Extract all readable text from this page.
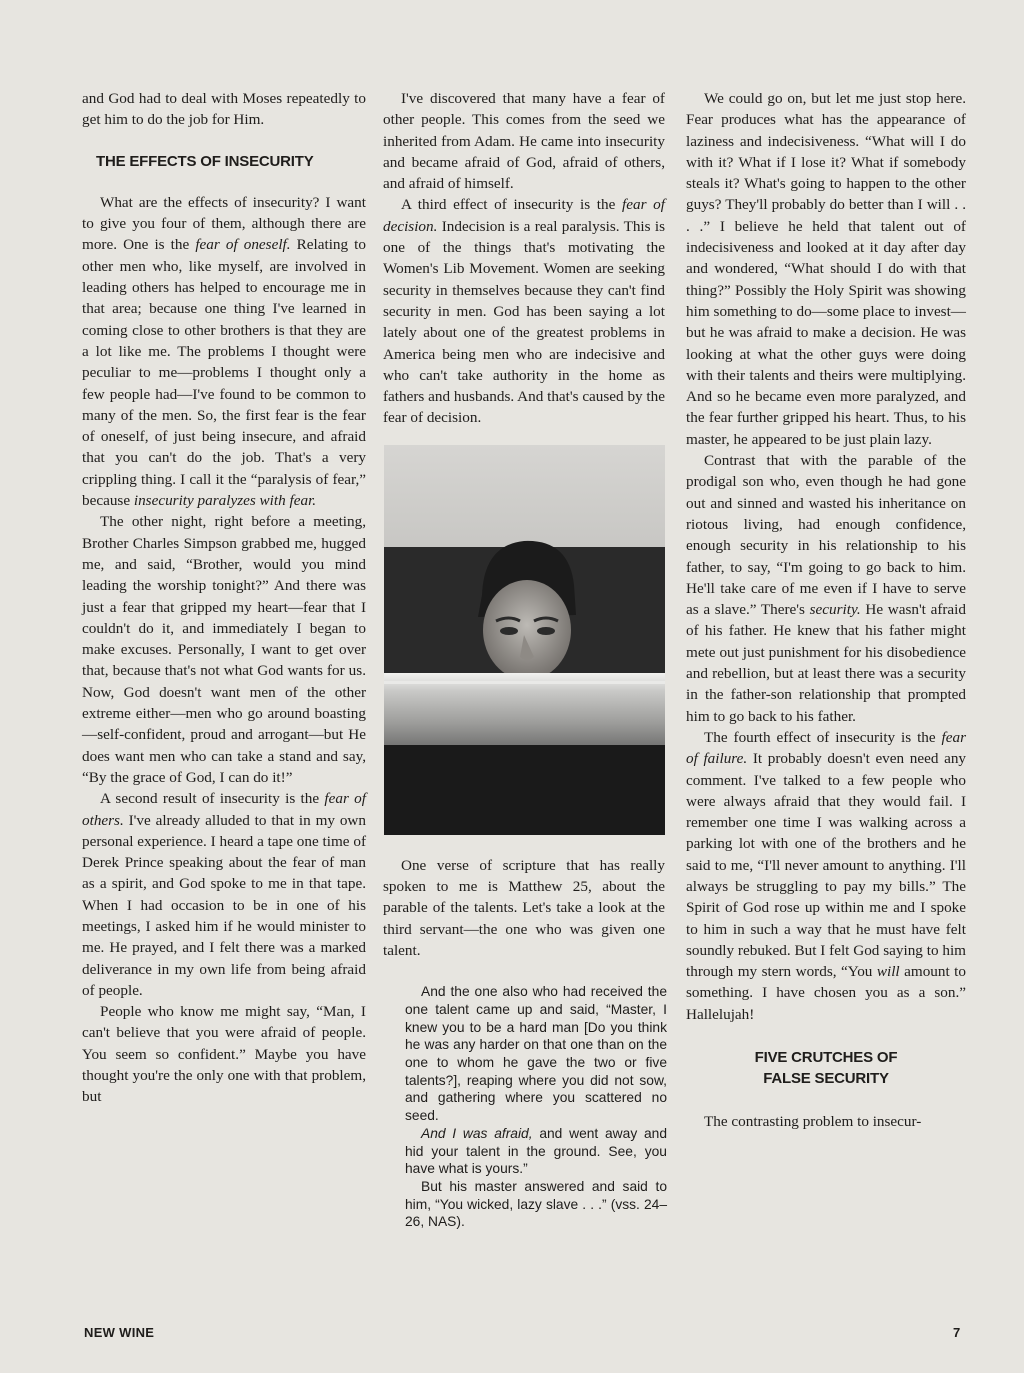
and God had to deal with Moses repeatedly to get him to do the job for Him.

THE EFFECTS OF INSECURITY

What are the effects of insecurity? I want to give you four of them, although there are more. One is the fear of oneself. Relating to other men who, like myself, are involved in leading others has helped to encourage me in that area; because one thing I've learned in coming close to other brothers is that they are a lot like me. The problems I thought were peculiar to me—problems I thought only a few people had—I've found to be common to many of the men. So, the first fear is the fear of oneself, of just being insecure, and afraid that you can't do the job. That's a very crippling thing. I call it the “paralysis of fear,” because insecurity paralyzes with fear.

The other night, right before a meeting, Brother Charles Simpson grabbed me, hugged me, and said, “Brother, would you mind leading the worship tonight?” And there was just a fear that gripped my heart—fear that I couldn't do it, and immediately I began to make excuses. Personally, I want to get over that, because that's not what God wants for us. Now, God doesn't want men of the other extreme either—men who go around boasting—self-confident, proud and arrogant—but He does want men who can take a stand and say, “By the grace of God, I can do it!”

A second result of insecurity is the fear of others. I've already alluded to that in my own personal experience. I heard a tape one time of Derek Prince speaking about the fear of man as a spirit, and God spoke to me in that tape. When I had occasion to be in one of his meetings, I asked him if he would minister to me. He prayed, and I felt there was a marked deliverance in my own life from being afraid of people.

People who know me might say, “Man, I can't believe that you were afraid of people. You seem so confident.” Maybe you have thought you're the only one with that problem, but

I've discovered that many have a fear of other people. This comes from the seed we inherited from Adam. He came into insecurity and became afraid of God, afraid of others, and afraid of himself.

A third effect of insecurity is the fear of decision. Indecision is a real paralysis. This is one of the things that's motivating the Women's Lib Movement. Women are seeking security in themselves because they can't find security in men. God has been saying a lot lately about one of the greatest problems in America being men who are indecisive and who can't take authority in the home as fathers and husbands. And that's caused by the fear of decision.

One verse of scripture that has really spoken to me is Matthew 25, about the parable of the talents. Let's take a look at the third servant—the one who was given one talent.

And the one also who had received the one talent came up and said, “Master, I knew you to be a hard man [Do you think he was any harder on that one than on the one to whom he gave the two or five talents?], reaping where you did not sow, and gathering where you scattered no seed.

And I was afraid, and went away and hid your talent in the ground. See, you have what is yours.”

But his master answered and said to him, “You wicked, lazy slave . . .” (vss. 24–26, NAS).

We could go on, but let me just stop here. Fear produces what has the appearance of laziness and indecisiveness. “What will I do with it? What if I lose it? What if somebody steals it? What's going to happen to the other guys? They'll probably do better than I will . . . .” I believe he held that talent out of indecisiveness and looked at it day after day and wondered, “What should I do with that thing?” Possibly the Holy Spirit was showing him something to do—some place to invest—but he was afraid to make a decision. He was looking at what the other guys were doing with their talents and theirs were multiplying. And so he became even more paralyzed, and the fear further gripped his heart. Thus, to his master, he appeared to be just plain lazy.

Contrast that with the parable of the prodigal son who, even though he had gone out and sinned and wasted his inheritance on riotous living, had enough confidence, enough security in his relationship to his father, to say, “I'm going to go back to him. He'll take care of me even if I have to serve as a slave.” There's security. He wasn't afraid of his father. He knew that his father might mete out just punishment for his disobedience and rebellion, but at least there was a security in the father-son relationship that prompted him to go back to his father.

The fourth effect of insecurity is the fear of failure. It probably doesn't even need any comment. I've talked to a few people who were always afraid that they would fail. I remember one time I was walking across a parking lot with one of the brothers and he said to me, “I'll never amount to anything. I'll always be struggling to pay my bills.” The Spirit of God rose up within me and I spoke to him in such a way that he must have felt soundly rebuked. But I felt God saying to him through my stern words, “You will amount to something. I have chosen you as a son.” Hallelujah!

FIVE CRUTCHES OF
FALSE SECURITY

The contrasting problem to insecur-

NEW WINE	7
